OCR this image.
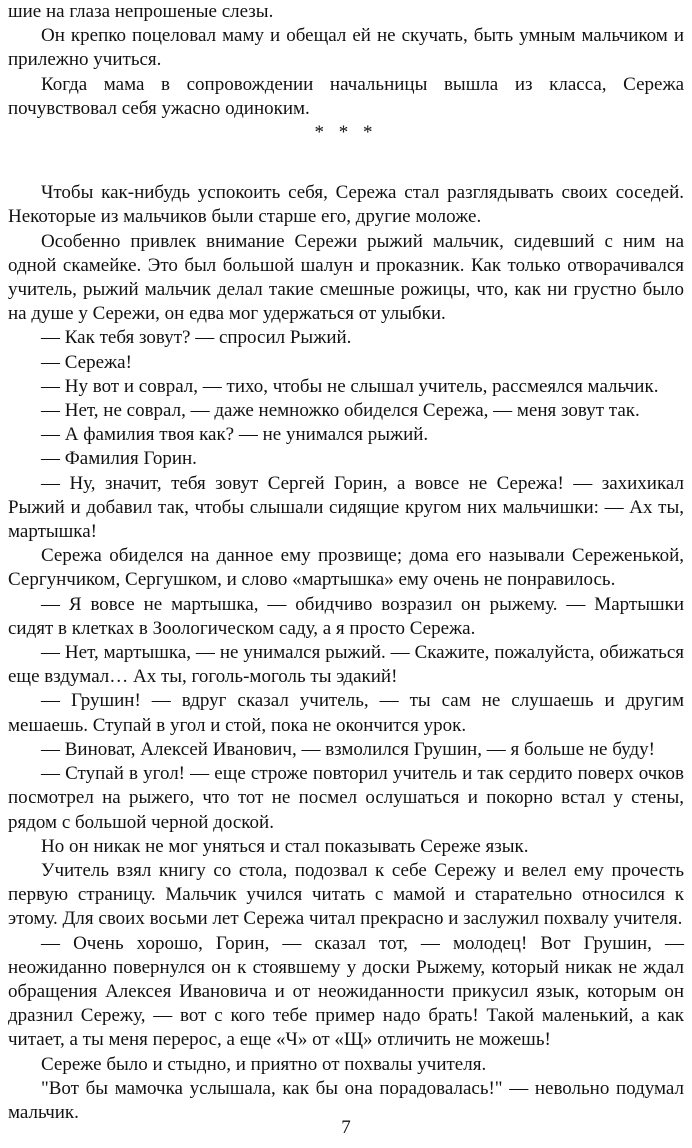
шие на глаза непрошеные слезы.

Он крепко поцеловал маму и обещал ей не скучать, быть умным мальчиком и прилежно учиться.

Когда мама в сопровождении начальницы вышла из класса, Сережа почувствовал себя ужасно одиноким.

* * *

Чтобы как-нибудь успокоить себя, Сережа стал разглядывать своих соседей. Некоторые из мальчиков были старше его, другие моложе.

Особенно привлек внимание Сережи рыжий мальчик, сидевший с ним на одной скамейке. Это был большой шалун и проказник. Как только отворачивался учитель, рыжий мальчик делал такие смешные рожицы, что, как ни грустно было на душе у Сережи, он едва мог удержаться от улыбки.

— Как тебя зовут? — спросил Рыжий.

— Сережа!

— Ну вот и соврал, — тихо, чтобы не слышал учитель, рассмеялся мальчик.

— Нет, не соврал, — даже немножко обиделся Сережа, — меня зовут так.

— А фамилия твоя как? — не унимался рыжий.

— Фамилия Горин.

— Ну, значит, тебя зовут Сергей Горин, а вовсе не Сережа! — захихикал Рыжий и добавил так, чтобы слышали сидящие кругом них мальчишки: — Ах ты, мартышка!

Сережа обиделся на данное ему прозвище; дома его называли Сереженькой, Сергунчиком, Сергушком, и слово «мартышка» ему очень не понравилось.

— Я вовсе не мартышка, — обидчиво возразил он рыжему. — Мартышки сидят в клетках в Зоологическом саду, а я просто Сережа.

— Нет, мартышка, — не унимался рыжий. — Скажите, пожалуйста, обижаться еще вздумал… Ах ты, гоголь-моголь ты эдакий!

— Грушин! — вдруг сказал учитель, — ты сам не слушаешь и другим мешаешь. Ступай в угол и стой, пока не окончится урок.

— Виноват, Алексей Иванович, — взмолился Грушин, — я больше не буду!

— Ступай в угол! — еще строже повторил учитель и так сердито поверх очков посмотрел на рыжего, что тот не посмел ослушаться и покорно встал у стены, рядом с большой черной доской.

Но он никак не мог уняться и стал показывать Сереже язык.

Учитель взял книгу со стола, подозвал к себе Сережу и велел ему прочесть первую страницу. Мальчик учился читать с мамой и старательно относился к этому. Для своих восьми лет Сережа читал прекрасно и заслужил похвалу учителя.

— Очень хорошо, Горин, — сказал тот, — молодец! Вот Грушин, — неожиданно повернулся он к стоявшему у доски Рыжему, который никак не ждал обращения Алексея Ивановича и от неожиданности прикусил язык, которым он дразнил Сережу, — вот с кого тебе пример надо брать! Такой маленький, а как читает, а ты меня перерос, а еще «Ч» от «Щ» отличить не можешь!

Сереже было и стыдно, и приятно от похвалы учителя.

"Вот бы мамочка услышала, как бы она порадовалась!" — невольно подумал мальчик.

7
